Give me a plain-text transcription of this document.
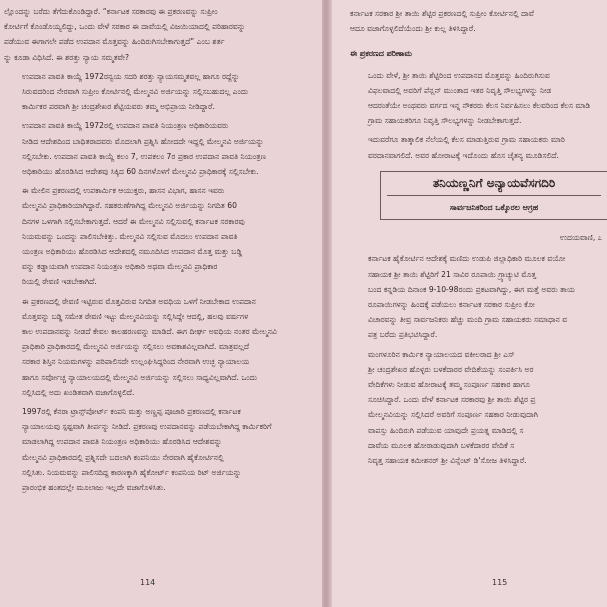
ಲ್ಲೊಂದನ್ನು ಬರೆದು ತೆಗೆದುಕೊಂಡಿದ್ದಾರೆ. “ಕರ್ನಾಟಕ ಸರಕಾರವು ಈ ಪ್ರಕರಣವನ್ನು ಸುಪ್ರೀಂ
ಕೋರ್ಟಿಗೆ ಕೊಂಡೊಯ್ಯಲಿದ್ದು, ಒಂದು ವೇಳೆ ಸರಕಾರ ಈ ದಾವೆಯಲ್ಲಿ ವಿಜಯಿಯಾದಲ್ಲಿ ಪರಿಹಾರವನ್ನು
ಪಡೆಯುವ ಈಗಾಗಲೇ ಪಡೆದ ಉಪದಾನ ಮೊತ್ತವನ್ನು ಹಿಂದಿರುಗಿಸಬೇಕಾಗುತ್ತದೆ” ಎಂಬ ಶರ್ತ
ನ್ನು ಕೂಡಾ ವಿಧಿಸಿದೆ. ಈ ಶರತ್ತು ನ್ಯಾಯ ಸಮ್ಮತವೇ?
ಉಪದಾನ ಪಾವತಿ ಕಾಯ್ದೆ 1972ರನ್ವಯ ಸದರಿ ಶರತ್ತು ನ್ಯಾಯಸಮ್ಮತವಲ್ಲ ಹಾಗೂ ರದ್ದೆನ್ನು
ಸಿರುವದರಿಂದ ನೇರವಾಗಿ ಸುಪ್ರೀಂ ಕೋರ್ಟಿನಲ್ಲಿ ಮೇಲ್ಮನವಿ ಅರ್ಜಿಯನ್ನು ಸಲ್ಲಿಸಬಹುದಲ್ಲ ಎಂದು
ಕಾರ್ಮಿಕರ ಪರವಾಗಿ ಶ್ರೀ ಚಂದ್ರಶೇಖರ ಶೆಟ್ಟಿಯವರು ತಮ್ಮ ಅಭಿಪ್ರಾಯ ನೀಡಿದ್ದಾರೆ.
ಉಪದಾನ ಪಾವತಿ ಕಾಯ್ದೆ 1972ರಲ್ಲಿ ಉಪದಾನ ಪಾವತಿ ನಿಯಂತ್ರಣ ಅಧಿಕಾರಿಯವರು
ನೀಡಿದ ಆದೇಶದಿಂದ ಬಾಧಿತರಾದವರು ಮೊದಲಾಗಿ ಪ್ರಶ್ನಿಸಿ ಹೋದದೇ ಇದ್ದಲ್ಲಿ ಮೇಲ್ಮನವಿ ಅರ್ಜಿಯನ್ನು
ಸಲ್ಲಿಸಬೇಕು. ಉಪದಾನ ಪಾವತಿ ಕಾಯ್ದೆ ಕಲಂ 7, ಉಪಕಲಂ 7ರ ಪ್ರಕಾರ ಉಪದಾನ ಪಾವತಿ ನಿಯಂತ್ರಣ
ಅಧಿಕಾರಿಯು ಹೊರಡಿಸಿದ ಆದೇಶವು ಸಿಕ್ಕಿದ 60 ದಿನಗಳೊಳಗೆ ಮೇಲ್ಮನವಿ ಪ್ರಾಧಿಕಾರಕ್ಕೆ ಸಲ್ಲಿಸಬೇಕು.
ಈ ಮೇಲಿನ ಪ್ರಕರಣದಲ್ಲಿ ಉಪಕಾರ್ಮಿಕ ಆಯುಕ್ತರು, ಹಾಸನ ವಿಭಾಗ, ಹಾಸನ ಇವರು
ಮೇಲ್ಮನವಿ ಪ್ರಾಧಿಕಾರಿಯಾಗಿದ್ದಾರೆ. ಸಹಕರುಣೆಗಾಗಿದ್ದ ಮೇಲ್ಮನವಿ ಅರ್ಜಿಯನ್ನು ನಿಗದಿತ 60
ದಿನಗಳ ಒಳಗಾಗಿ ಸಲ್ಲಿಸಬೇಕಾಗುತ್ತದೆ. ಆದರೆ ಈ ಮೇಲ್ಮನವಿ ಸಲ್ಲಿಸುವಲ್ಲಿ ಕರ್ನಾಟಕ ಸರಕಾರವು
ನಿಯಮವನ್ನು ಒಂದನ್ನು ಪಾಲಿಸಬೇಕಿತ್ತು. ಮೇಲ್ಮನವಿ ಸಲ್ಲಿಸುವ ಮೊದಲು ಉಪದಾನ ಪಾವತಿ
ಯಂತ್ರಣ ಅಧಿಕಾರಿಯು ಹೊರಡಿಸಿದ ಆದೇಶದಲ್ಲಿ ನಮೂದಿಸಿದ ಉಪದಾನ ಮೊತ್ತ ಮತ್ತು ಬಡ್ಡಿ
ವನ್ನು ಕಡ್ಡಾಯವಾಗಿ ಉಪದಾನ ನಿಯಂತ್ರಣ ಅಧಿಕಾರಿ ಅಥವಾ ಮೇಲ್ಮನವಿ ಪ್ರಾಧಿಕಾರ
ರಿಯಲ್ಲಿ ಠೇವಣಿ ಇಡಬೇಕಾಗಿದೆ.
ಈ ಪ್ರಕರಣದಲ್ಲಿ ಠೇವಣಿ ಇಟ್ಟಿರುವ ಮೊತ್ತವಿರುವ ನಿಗದಿತ ಅವಧಿಯ ಒಳಗೆ ನೀಡಬೇಕಾದ ಉಪದಾನ
ಮೊತ್ತವನ್ನು ಬಡ್ಡಿ ಸಮೇತ ಠೇವಣಿ ಇಟ್ಟು ಮೇಲ್ಮನವಿಯನ್ನು ಸಲ್ಲಿಸಿದ್ದೇ ಆದಲ್ಲಿ, ಹಲವು ವರ್ಷಗಳ
ಕಾಲ ಉಪದಾನವನ್ನು ನೀಡದೆ ಕೇವಲ ಕಾಲಹರಣವನ್ನು ಮಾಡಿದೆ. ಈಗ ದೀರ್ಘ ಅವಧಿಯ ನಂತರ ಮೇಲ್ಮನವಿ
ಪ್ರಾಧಿಕಾರಿ ಪ್ರಾಧಿಕಾರದಲ್ಲಿ ಮೇಲ್ಮನವಿ ಅರ್ಜಿಯನ್ನು ಸಲ್ಲಿಸಲು ಅವಕಾಶವಿಲ್ಲವಾಗಿದೆ. ಮಾತ್ರವಲ್ಲದೆ
ಸರಕಾರ ಶಿಸ್ತಿನ ನಿಯಮಗಳನ್ನು ಪರಿಪಾಲಿಸದೇ ಉಲ್ಲಂಘಿಸಿದ್ದರಿಂದ ನೇರವಾಗಿ ಉಚ್ಛ ನ್ಯಾಯಾಲಯ
ಹಾಗೂ ಸರ್ವೋಚ್ಚ ನ್ಯಾಯಾಲಯದಲ್ಲಿ ಮೇಲ್ಮನವಿ ಅರ್ಜಿಯನ್ನು ಸಲ್ಲಿಸಲು ಸಾಧ್ಯವಿಲ್ಲವಾಗಿದೆ. ಒಂದು
ಸಲ್ಲಿಸಿದಲ್ಲಿ ಅದು ಖಂಡಿತವಾಗಿ ವಜಾಗೊಳ್ಳಲಿದೆ.
1997ರಲ್ಲಿ ಕೆನರಾ ಟ್ರಾನ್ಸ್‌ಪೋರ್ಟ್ ಕಂಪನಿ ಮತ್ತು ಅಣ್ಣಪ್ಪ ಪೂಜಾರಿ ಪ್ರಕರಣದಲ್ಲಿ ಕರ್ನಾಟಕ
ನ್ಯಾಯಾಲಯವು ಸ್ಪಷ್ಟವಾಗಿ ತೀರ್ಪನ್ನು ನೀಡಿದೆ. ಪ್ರಕರಣವು ಉಪದಾನವನ್ನು ಪಡೆಯಬೇಕಾಗಿದ್ದ ಕಾರ್ಮಿಕರಿಗೆ
ಮಾಡಲಾಗಿದ್ದ ಉಪದಾನ ಪಾವತಿ ನಿಯಂತ್ರಣ ಅಧಿಕಾರಿಯು ಹೊರಡಿಸಿದ ಆದೇಶವನ್ನು
ಮೇಲ್ಮನವಿ ಪ್ರಾಧಿಕಾರದಲ್ಲಿ ಪ್ರಶ್ನಿಸದೇ ಬದಲಾಗಿ ಕಂಪನಿಯು ನೇರವಾಗಿ ಹೈಕೋರ್ಟಿನಲ್ಲಿ
ಸಲ್ಲಿಸಿತು. ನಿಯಮವನ್ನು ಪಾಲಿಸದಿದ್ದ ಕಾರಣಕ್ಕಾಗಿ ಹೈಕೋರ್ಟ್ ಕಂಪನಿಯ ರಿಟ್ ಅರ್ಜಿಯನ್ನು
ಪ್ರಾರಂಭಿಕ ಹಂತದಲ್ಲೇ ಮೂಲಾಜು ಇಲ್ಲದೇ ವಜಾಗೊಳಿಸಿತು.
114
ಕರ್ನಾಟಕ ಸರಕಾರ ಶ್ರೀ ತಾಯಿ ಶೆಟ್ಟಿರ ಪ್ರಕರಣದಲ್ಲಿ ಸುಪ್ರೀಂ ಕೋರ್ಟಿನಲ್ಲಿ ದಾವೆ
ಆದೂ ವಜಾಗೊಳ್ಳಲಿದೆಯೆಂದು ಶ್ರೀ ಕುಲ್ಲ ತಿಳಿಸಿದ್ದಾರೆ.
ಈ ಪ್ರಕರಣದ ಪರಿಣಾಮ
ಒಂದು ವೇಳೆ, ಶ್ರೀ ತಾಯಿ ಶೆಟ್ಟಿರಿಂದ ಉಪದಾನದ ಮೊತ್ತವನ್ನು ಹಿಂದಿರುಗಿಸುವ
ವಿಫಲವಾದಲ್ಲಿ ಅವರಿಗೆ ಪೆನ್ಷನ್ ಮುಂತಾದ ಇತರ ನಿವೃತ್ತಿ ಸೌಲಭ್ಯಗಳನ್ನು ನೀಡ
ಆದರಂತೆಯೇ ಅಂಥವರು ವರ್ಗದ ಇನ್ನ ನೌಕರರು ಕೆಲಸ ನಿರ್ವಹಿಸಲು ಕೆಲವರಿಂದ ಕೆಲಸ ಮಾಡಿ
ಗ್ರಾಮ ಸಹಾಯಕರಿಗೂ ನಿವೃತ್ತಿ ಸೌಲಭ್ಯಗಳನ್ನು ನೀಡಬೇಕಾಗುತ್ತದೆ.
ಇದುವರೆಗೂ ತಾತ್ಕಾಲಿಕ ನೆಲೆಯಲ್ಲಿ ಕೆಲಸ ಮಾಡುತ್ತಿರುವ ಗ್ರಾಮ ಸಹಾಯಕರು ಮಾರಿ
ವರದಾನವಾಗಲಿದೆ. ಅವರ ಹೋರಾಟಕ್ಕೆ ಇದೊಂದು ಹೊಸ ಚೈತನ್ಯ ಮೂಡಿಸಲಿದೆ.
ತನಿಯಣ್ಣನಿಗೆ ಅನ್ಯಾಯವೆಸಗದಿರಿ
ಸಾರ್ವಜನಿಕರಿಂದ ಒಕ್ಕೊರಲ ಆಗ್ರಹ
ಉದಯವಾಣಿ, ೭
ಕರ್ನಾಟಕ ಹೈಕೋರ್ಟಿನ ಆದೇಶಕ್ಕೆ ಮಣಿದು ಉಡುಪಿ ಜಿಲ್ಲಾಧಿಕಾರಿ ಮೂಲಕ ವಯೋ
ಸಹಾಯಕ ಶ್ರೀ ತಾಯಿ ಶೆಟ್ಟಿರಿಗೆ 21 ಸಾವಿರ ರೂಪಾಯಿ ಗ್ರ್ಯಾಚ್ಯುಟಿ ಮೊತ್ತ
ಬಂದ ಕನ್ನಡಿಯ ದಿನಾಂಕ 9-10-98ರಂದು ಪ್ರಕಟವಾಗಿದ್ದು, ಈಗ ಮತ್ತೆ ಅವರು ತಾಯ
ರೂಪಾಯಿಗಳನ್ನು ಹಿಂದಕ್ಕೆ ಪಡೆಯಲು ಕರ್ನಾಟಕ ಸರಕಾರ ಸುಪ್ರೀಂ ಕೋ
ವಿಚಾರವನ್ನು ತೀವ್ರ ಸಾರ್ವಜನಿಕರು ಹೆಚ್ಚು ಮಂದಿ ಗ್ರಾಮ ಸಹಾಯಕರು ಸಮಾಧಾನ ವ
ಪತ್ರ ಬರೆದು ಪ್ರತಿಭಟಿಸಿದ್ದಾರೆ.
ಮಂಗಳೂರಿನ ಕಾರ್ಮಿಕ ನ್ಯಾಯಾಲಯದ ವಕೀಲರಾದ ಶ್ರೀ ಎಸ್
ಶ್ರೀ ಚಂದ್ರಶೇಖರ ಹೊಳ್ಳರು ಬಳಕೆದಾರರ ವೇದಿಕೆಯನ್ನು ಸಂಪರ್ಕಿಸಿ ಅರ
ವೇದಿಕೆಗಳು ನೀಡುವ ಹೋರಾಟಕ್ಕೆ ತಮ್ಮ ಸಂಪೂರ್ಣ ಸಹಕಾರ ಹಾಗೂ
ಸೂಚಿಸಿದ್ದಾರೆ. ಒಂದು ವೇಳೆ ಕರ್ನಾಟಕ ಸರಕಾರವು ಶ್ರೀ ತಾಯಿ ಶೆಟ್ಟಿರ ಪ್ರ
ಮೇಲ್ಮನವಿಯನ್ನು ಸಲ್ಲಿಸಿದರೆ ಅವರಿಗೆ ಸಂಪೂರ್ಣ ಸಹಕಾರ ನೀಡುವುದಾಗಿ
ವಾಪಸ್ಸು ಹಿಂದಿರುಗಿ ಪಡೆಯುವ ಯಾವುದೇ ಪ್ರಯತ್ನ ಮಾಡಿದಲ್ಲಿ ಸ
ದಾವೆಯ ಮೂಲಕ ಹೋರಾಡುವುದಾಗಿ ಬಳಕೆದಾರರ ವೇದಿಕೆ ಸ
ನಿವೃತ್ತ ಸಹಾಯಕ ಕಮೀಶನರ್ ಶ್ರೀ ವಿನ್ಸೆಂಟ್ ಡಿ'ಸೋಜ ತಿಳಿಸಿದ್ದಾರೆ.
115
